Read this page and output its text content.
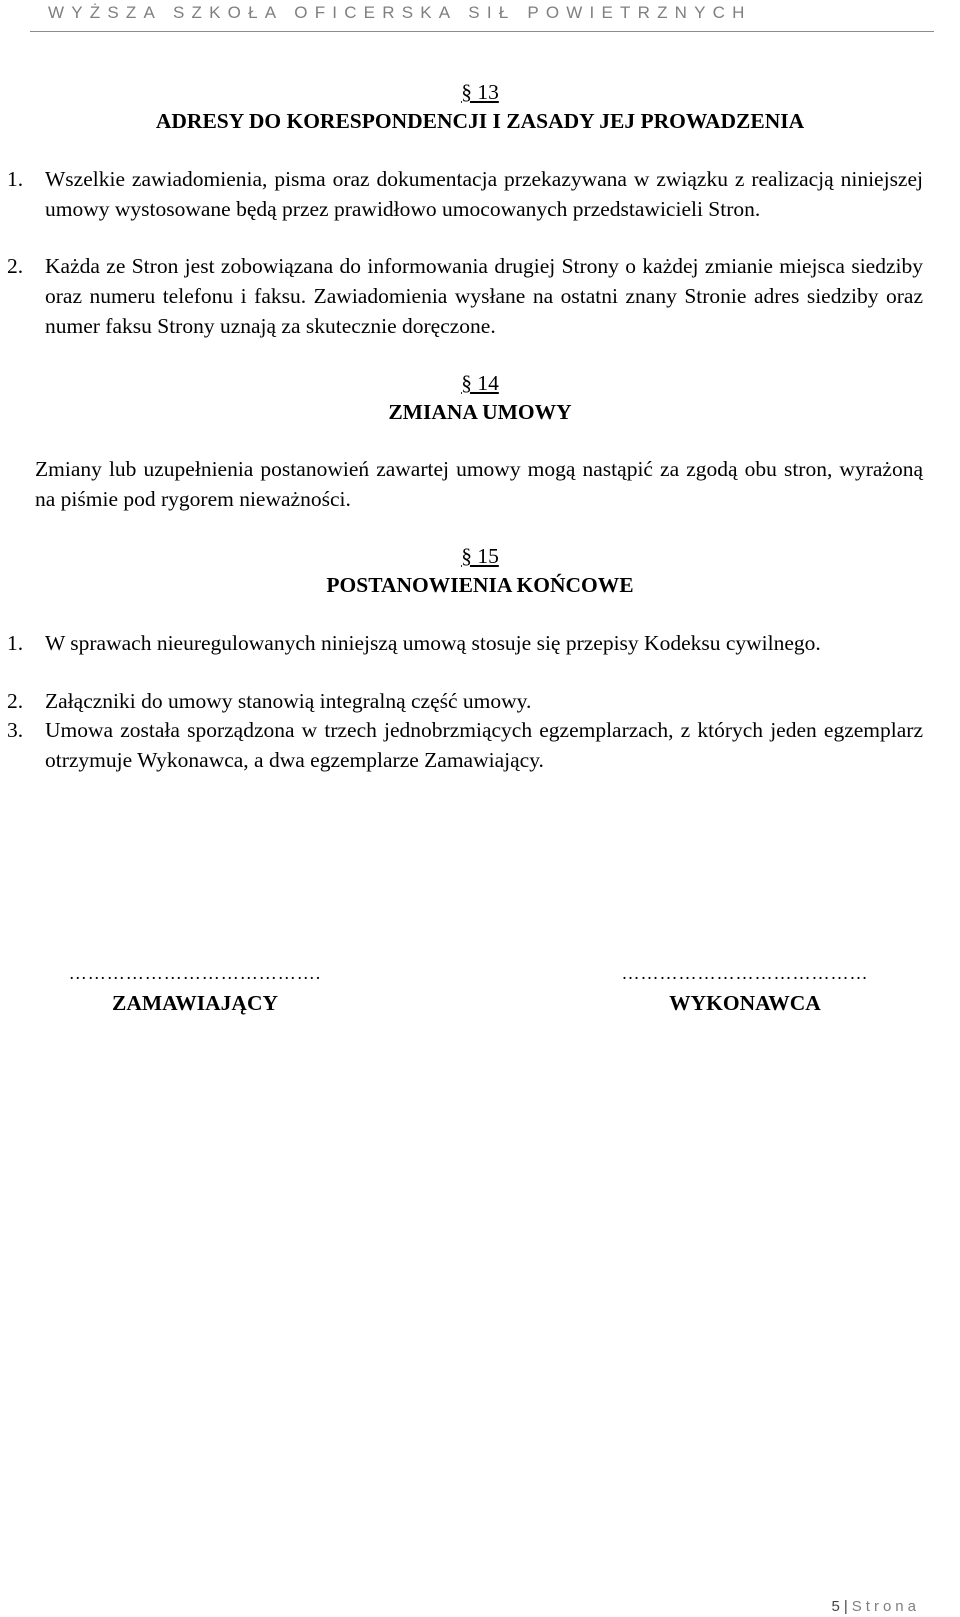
WYŻSZA SZKOŁA OFICERSKA SIŁ POWIETRZNYCH
§ 13
ADRESY DO KORESPONDENCJI I ZASADY JEJ PROWADZENIA
1. Wszelkie zawiadomienia, pisma oraz dokumentacja przekazywana w związku z realizacją niniejszej umowy wystosowane będą przez prawidłowo umocowanych przedstawicieli Stron.
2. Każda ze Stron jest zobowiązana do informowania drugiej Strony o każdej zmianie miejsca siedziby oraz numeru telefonu i faksu. Zawiadomienia wysłane na ostatni znany Stronie adres siedziby oraz numer faksu Strony uznają za skutecznie doręczone.
§ 14
ZMIANA UMOWY
Zmiany lub uzupełnienia postanowień zawartej umowy mogą nastąpić za zgodą obu stron, wyrażoną na piśmie pod rygorem nieważności.
§ 15
POSTANOWIENIA KOŃCOWE
1. W sprawach nieuregulowanych niniejszą umową stosuje się przepisy Kodeksu cywilnego.
2. Załączniki do umowy stanowią integralną część umowy.
3. Umowa została sporządzona w trzech jednobrzmiących egzemplarzach, z których jeden egzemplarz otrzymuje Wykonawca, a dwa egzemplarze Zamawiający.
………………………………….
ZAMAWIAJĄCY
…………………………………
WYKONAWCA
5 | Strona
